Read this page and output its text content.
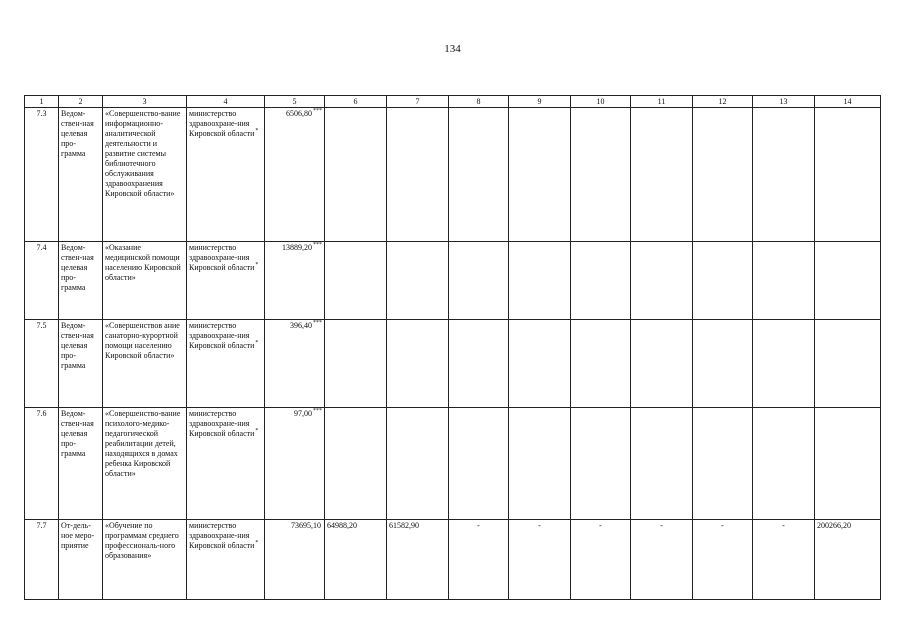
134
1	2	3	4	5	6	7	8	9	10	11	12	13	14
7.3	Ведом-ствен-ная целевая про-грамма	«Совершенство-вание информационно-аналитической деятельности и развитие системы библиотечного обслуживания здравоохранения Кировской области»	министерство здравоохране-ния Кировской области*	6506,80***									
7.4	Ведом-ствен-ная целевая про-грамма	«Оказание медицинской помощи населению Кировской области»	министерство здравоохране-ния Кировской области*	13889,20***									
7.5	Ведом-ствен-ная целевая про-грамма	«Совершенствов ание санаторно-курортной помощи населению Кировской области»	министерство здравоохране-ния Кировской области*	396,40***									
7.6	Ведом-ствен-ная целевая про-грамма	«Совершенство-вание психолого-медико-педагогической реабилитации детей, находящихся в домах ребенка Кировской области»	министерство здравоохране-ния Кировской области*	97,00***									
7.7	От-дель-ное меро-приятие	«Обучение по программам среднего профессиональ-ного образования»	министерство здравоохране-ния Кировской области*	73695,10	64988,20	61582,90	-	-	-	-	-	-	200266,20
